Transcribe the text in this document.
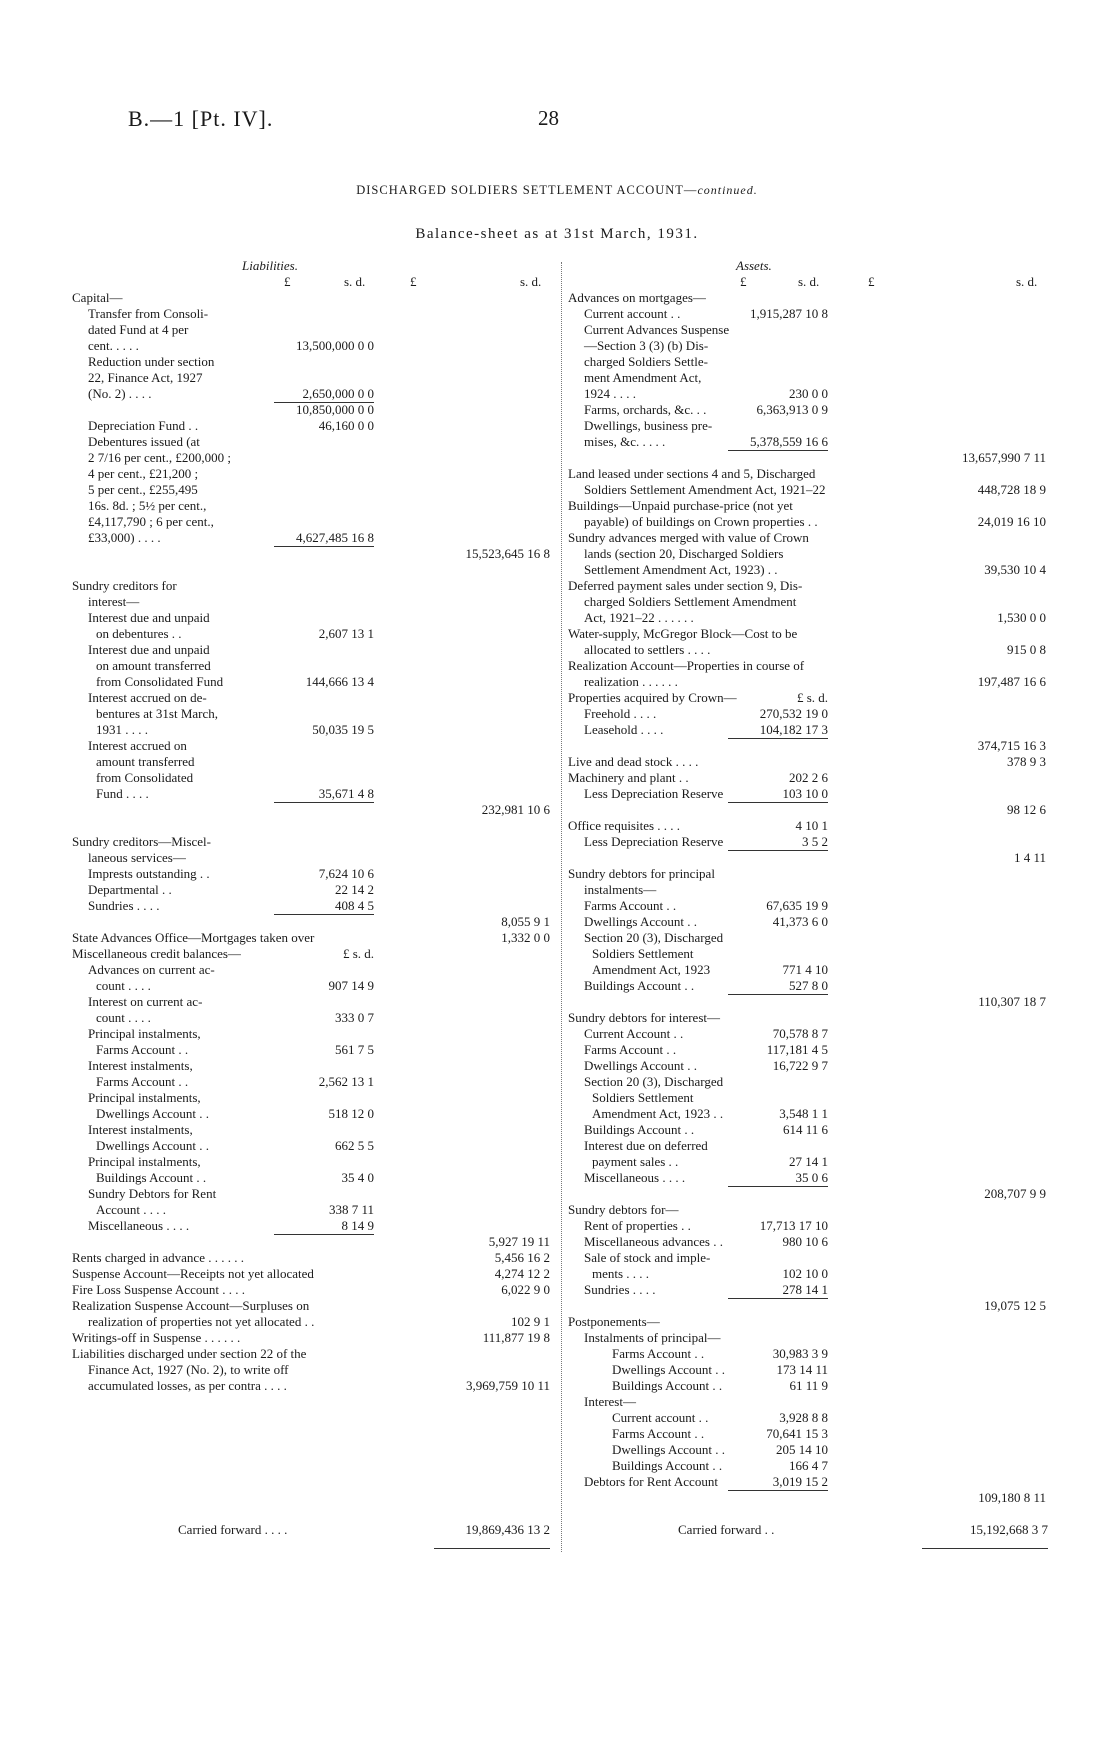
B.—1 [Pt. IV].	28
DISCHARGED SOLDIERS SETTLEMENT ACCOUNT—continued.
Balance-sheet as at 31st March, 1931.
Liabilities.
£	s. d.	£	s. d.
Capital—
Transfer from Consoli-
dated Fund at 4 per
cent. . . . .	13,500,000 0 0
Reduction under section
22, Finance Act, 1927
(No. 2) . . . .	2,650,000 0 0
10,850,000 0 0
Depreciation Fund . .	46,160 0 0
Debentures issued (at
2 7/16 per cent., £200,000 ;
4 per cent., £21,200 ;
5 per cent., £255,495
16s. 8d. ; 5½ per cent.,
£4,117,790 ; 6 per cent.,
£33,000) . . . .	4,627,485 16 8
15,523,645 16 8
Sundry creditors for
interest—
Interest due and unpaid
on debentures . .	2,607 13 1
Interest due and unpaid
on amount transferred
from Consolidated Fund	144,666 13 4
Interest accrued on de-
bentures at 31st March,
1931 . . . .	50,035 19 5
Interest accrued on
amount transferred
from Consolidated
Fund . . . .	35,671 4 8
232,981 10 6
Sundry creditors—Miscel-
laneous services—
Imprests outstanding . .	7,624 10 6
Departmental . .	22 14 2
Sundries . . . .	408 4 5
8,055 9 1
State Advances Office—Mortgages taken over	1,332 0 0
Miscellaneous credit balances—	£ s. d.
Advances on current ac-
count . . . .	907 14 9
Interest on current ac-
count . . . .	333 0 7
Principal instalments,
Farms Account . .	561 7 5
Interest instalments,
Farms Account . .	2,562 13 1
Principal instalments,
Dwellings Account . .	518 12 0
Interest instalments,
Dwellings Account . .	662 5 5
Principal instalments,
Buildings Account . .	35 4 0
Sundry Debtors for Rent
Account . . . .	338 7 11
Miscellaneous . . . .	8 14 9
5,927 19 11
Rents charged in advance . . . . . .	5,456 16 2
Suspense Account—Receipts not yet allocated	4,274 12 2
Fire Loss Suspense Account . . . .	6,022 9 0
Realization Suspense Account—Surpluses on
realization of properties not yet allocated . .	102 9 1
Writings-off in Suspense . . . . . .	111,877 19 8
Liabilities discharged under section 22 of the
Finance Act, 1927 (No. 2), to write off
accumulated losses, as per contra . . . .	3,969,759 10 11
Assets.
£	s. d.	£	s. d.
Advances on mortgages—
Current account . .	1,915,287 10 8
Current Advances Suspense
—Section 3 (3) (b) Dis-
charged Soldiers Settle-
ment Amendment Act,
1924 . . . .	230 0 0
Farms, orchards, &c. . .	6,363,913 0 9
Dwellings, business pre-
mises, &c. . . . .	5,378,559 16 6
13,657,990 7 11
Land leased under sections 4 and 5, Discharged
Soldiers Settlement Amendment Act, 1921–22	448,728 18 9
Buildings—Unpaid purchase-price (not yet
payable) of buildings on Crown properties . .	24,019 16 10
Sundry advances merged with value of Crown
lands (section 20, Discharged Soldiers
Settlement Amendment Act, 1923) . .	39,530 10 4
Deferred payment sales under section 9, Dis-
charged Soldiers Settlement Amendment
Act, 1921–22 . . . . . .	1,530 0 0
Water-supply, McGregor Block—Cost to be
allocated to settlers . . . .	915 0 8
Realization Account—Properties in course of
realization . . . . . .	197,487 16 6
Properties acquired by Crown—	£ s. d.
Freehold . . . .	270,532 19 0
Leasehold . . . .	104,182 17 3
374,715 16 3
Live and dead stock . . . .	378 9 3
Machinery and plant . .	202 2 6
Less Depreciation Reserve	103 10 0
98 12 6
Office requisites . . . .	4 10 1
Less Depreciation Reserve	3 5 2
1 4 11
Sundry debtors for principal
instalments—
Farms Account . .	67,635 19 9
Dwellings Account . .	41,373 6 0
Section 20 (3), Discharged
Soldiers Settlement
Amendment Act, 1923	771 4 10
Buildings Account . .	527 8 0
110,307 18 7
Sundry debtors for interest—
Current Account . .	70,578 8 7
Farms Account . .	117,181 4 5
Dwellings Account . .	16,722 9 7
Section 20 (3), Discharged
Soldiers Settlement
Amendment Act, 1923 . .	3,548 1 1
Buildings Account . .	614 11 6
Interest due on deferred
payment sales . .	27 14 1
Miscellaneous . . . .	35 0 6
208,707 9 9
Sundry debtors for—
Rent of properties . .	17,713 17 10
Miscellaneous advances . .	980 10 6
Sale of stock and imple-
ments . . . .	102 10 0
Sundries . . . .	278 14 1
19,075 12 5
Postponements—
Instalments of principal—
Farms Account . .	30,983 3 9
Dwellings Account . .	173 14 11
Buildings Account . .	61 11 9
Interest—
Current account . .	3,928 8 8
Farms Account . .	70,641 15 3
Dwellings Account . .	205 14 10
Buildings Account . .	166 4 7
Debtors for Rent Account	3,019 15 2
109,180 8 11
Carried forward . . . .	19,869,436 13 2	Carried forward . .	15,192,668 3 7
